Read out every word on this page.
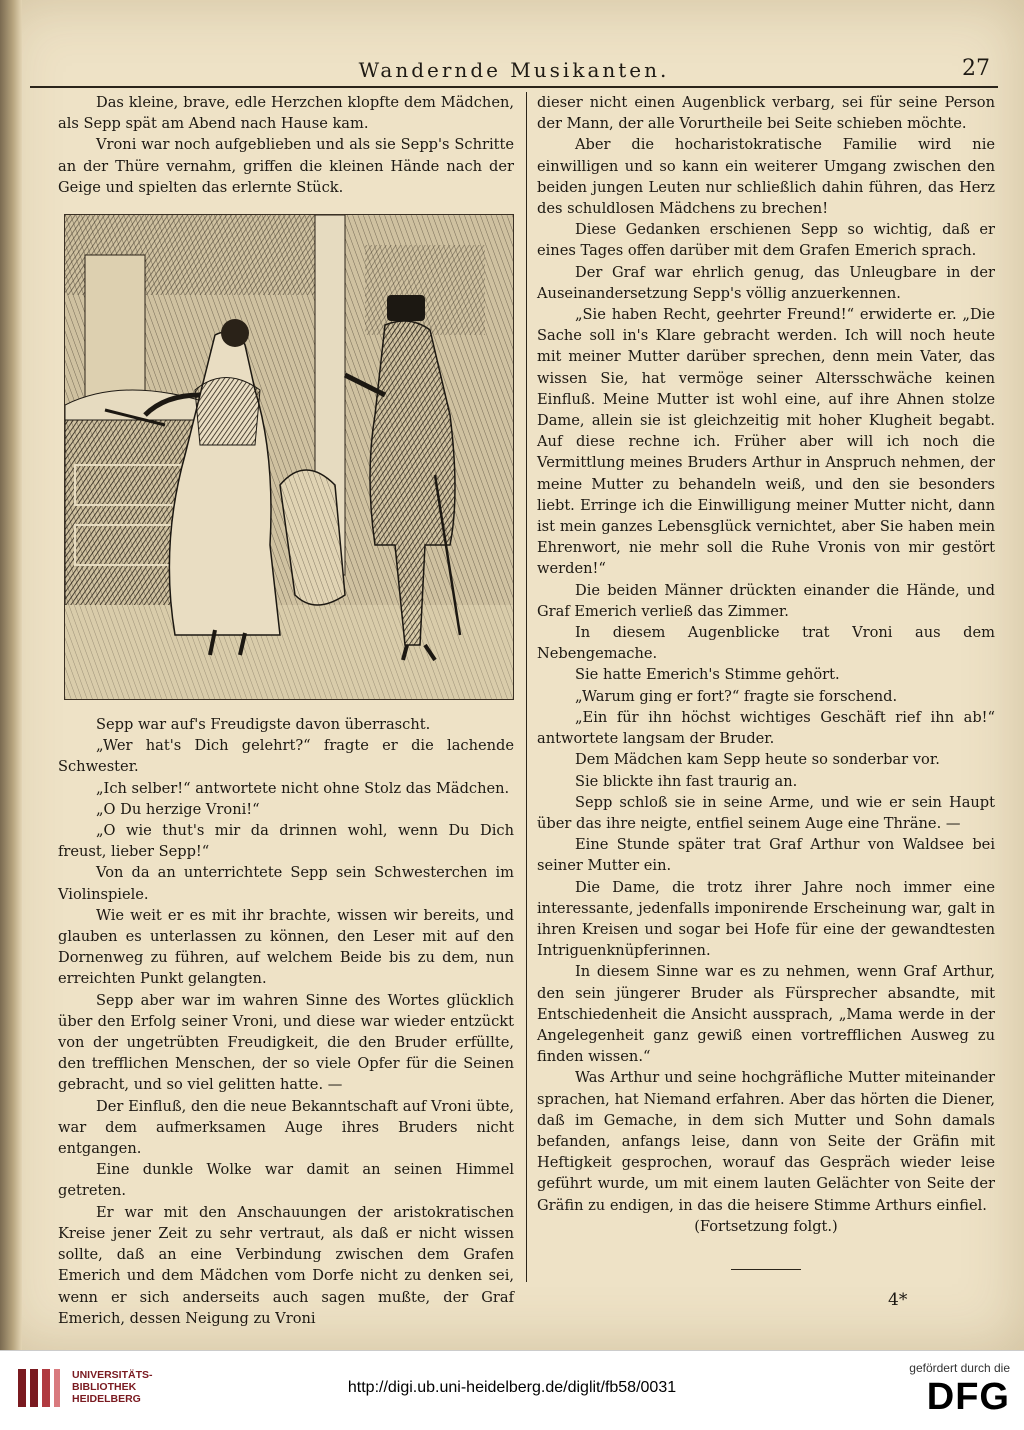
Wandernde Musikanten.	27

Das kleine, brave, edle Herzchen klopfte dem Mädchen, als Sepp spät am Abend nach Hause kam.

Vroni war noch aufgeblieben und als sie Sepp's Schritte an der Thüre vernahm, griffen die kleinen Hände nach der Geige und spielten das erlernte Stück.

Sepp war auf's Freudigste davon überrascht.

„Wer hat's Dich gelehrt?“ fragte er die lachende Schwester.

„Ich selber!“ antwortete nicht ohne Stolz das Mädchen.

„O Du herzige Vroni!“

„O wie thut's mir da drinnen wohl, wenn Du Dich freust, lieber Sepp!“

Von da an unterrichtete Sepp sein Schwesterchen im Violinspiele.

Wie weit er es mit ihr brachte, wissen wir bereits, und glauben es unterlassen zu können, den Leser mit auf den Dornenweg zu führen, auf welchem Beide bis zu dem, nun erreichten Punkt gelangten.

Sepp aber war im wahren Sinne des Wortes glücklich über den Erfolg seiner Vroni, und diese war wieder entzückt von der ungetrübten Freudigkeit, die den Bruder erfüllte, den trefflichen Menschen, der so viele Opfer für die Seinen gebracht, und so viel gelitten hatte. —

Der Einfluß, den die neue Bekanntschaft auf Vroni übte, war dem aufmerksamen Auge ihres Bruders nicht entgangen.

Eine dunkle Wolke war damit an seinen Himmel getreten.

Er war mit den Anschauungen der aristokratischen Kreise jener Zeit zu sehr vertraut, als daß er nicht wissen sollte, daß an eine Verbindung zwischen dem Grafen Emerich und dem Mädchen vom Dorfe nicht zu denken sei, wenn er sich anderseits auch sagen mußte, der Graf Emerich, dessen Neigung zu Vroni

dieser nicht einen Augenblick verbarg, sei für seine Person der Mann, der alle Vorurtheile bei Seite schieben möchte.

Aber die hocharistokratische Familie wird nie einwilligen und so kann ein weiterer Umgang zwischen den beiden jungen Leuten nur schließlich dahin führen, das Herz des schuldlosen Mädchens zu brechen!

Diese Gedanken erschienen Sepp so wichtig, daß er eines Tages offen darüber mit dem Grafen Emerich sprach.

Der Graf war ehrlich genug, das Unleugbare in der Auseinandersetzung Sepp's völlig anzuerkennen.

„Sie haben Recht, geehrter Freund!“ erwiderte er. „Die Sache soll in's Klare gebracht werden. Ich will noch heute mit meiner Mutter darüber sprechen, denn mein Vater, das wissen Sie, hat vermöge seiner Altersschwäche keinen Einfluß. Meine Mutter ist wohl eine, auf ihre Ahnen stolze Dame, allein sie ist gleichzeitig mit hoher Klugheit begabt. Auf diese rechne ich. Früher aber will ich noch die Vermittlung meines Bruders Arthur in Anspruch nehmen, der meine Mutter zu behandeln weiß, und den sie besonders liebt. Erringe ich die Einwilligung meiner Mutter nicht, dann ist mein ganzes Lebensglück vernichtet, aber Sie haben mein Ehrenwort, nie mehr soll die Ruhe Vronis von mir gestört werden!“

Die beiden Männer drückten einander die Hände, und Graf Emerich verließ das Zimmer.

In diesem Augenblicke trat Vroni aus dem Nebengemache.

Sie hatte Emerich's Stimme gehört.

„Warum ging er fort?“ fragte sie forschend.

„Ein für ihn höchst wichtiges Geschäft rief ihn ab!“ antwortete langsam der Bruder.

Dem Mädchen kam Sepp heute so sonderbar vor.

Sie blickte ihn fast traurig an.

Sepp schloß sie in seine Arme, und wie er sein Haupt über das ihre neigte, entfiel seinem Auge eine Thräne. —

Eine Stunde später trat Graf Arthur von Waldsee bei seiner Mutter ein.

Die Dame, die trotz ihrer Jahre noch immer eine interessante, jedenfalls imponirende Erscheinung war, galt in ihren Kreisen und sogar bei Hofe für eine der gewandtesten Intriguenknüpferinnen.

In diesem Sinne war es zu nehmen, wenn Graf Arthur, den sein jüngerer Bruder als Fürsprecher absandte, mit Entschiedenheit die Ansicht aussprach, „Mama werde in der Angelegenheit ganz gewiß einen vortrefflichen Ausweg zu finden wissen.“

Was Arthur und seine hochgräfliche Mutter miteinander sprachen, hat Niemand erfahren. Aber das hörten die Diener, daß im Gemache, in dem sich Mutter und Sohn damals befanden, anfangs leise, dann von Seite der Gräfin mit Heftigkeit gesprochen, worauf das Gespräch wieder leise geführt wurde, um mit einem lauten Gelächter von Seite der Gräfin zu endigen, in das die heisere Stimme Arthurs einfiel.

(Fortsetzung folgt.)

4*
UNIVERSITÄTS-
BIBLIOTHEK
HEIDELBERG
http://digi.ub.uni-heidelberg.de/diglit/fb58/0031
gefördert durch die
DFG
